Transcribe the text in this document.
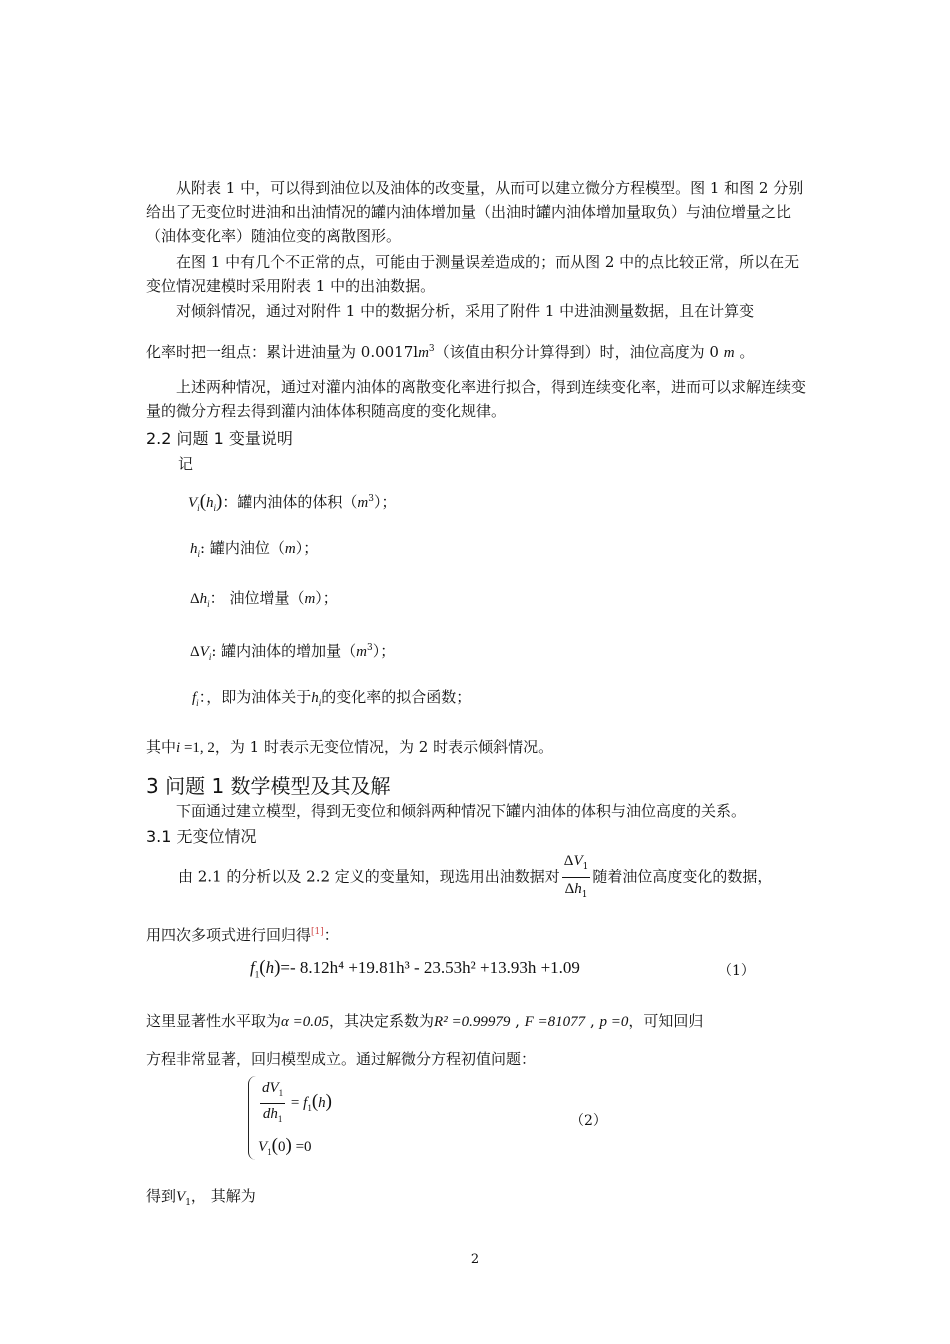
从附表 1 中，可以得到油位以及油体的改变量，从而可以建立微分方程模型。图 1 和图 2 分别给出了无变位时进油和出油情况的罐内油体增加量（出油时罐内油体增加量取负）与油位增量之比（油体变化率）随油位变的离散图形。

在图 1 中有几个不正常的点，可能由于测量误差造成的；而从图 2 中的点比较正常，所以在无变位情况建模时采用附表 1 中的出油数据。

对倾斜情况，通过对附件 1 中的数据分析，采用了附件 1 中进油测量数据，且在计算变

化率时把一组点：累计进油量为 $0.0017lm^3$（该值由积分计算得到）时，油位高度为 0 m 。

上述两种情况，通过对灌内油体的离散变化率进行拟合，得到连续变化率，进而可以求解连续变量的微分方程去得到灌内油体体积随高度的变化规律。

2.2 问题 1 变量说明

记

$V_i(h_i)$：罐内油体的体积$(m^3)$；

$h_i$: 罐内油位（m）；

$\Delta h_i$： 油位增量（m）；

$\Delta V_i$: 罐内油体的增加量$(m^3)$；

$f_i$：，即为油体关于$h_i$的变化率的拟合函数；

其中i =1, 2，为 1 时表示无变位情况，为 2 时表示倾斜情况。

3 问题 1 数学模型及其及解

下面通过建立模型，得到无变位和倾斜两种情况下罐内油体的体积与油位高度的关系。

3.1 无变位情况
由 2.1 的分析以及 2.2 定义的变量知，现选用出油数据对 $\frac{\Delta V_1}{\Delta h_1}$ 随着油位高度变化的数据，

用四次多项式进行回归得[1]：

$f_1(h)=-$ 8.12h⁴ +19.81h³ - 23.53h² +13.93h +1.09	（1）

这里显著性水平取为α =0.05，其决定系数为R² =0.99979 , F =81077 , p =0，可知回归

方程非常显著，回归模型成立。通过解微分方程初值问题：

$\frac{dV_1}{dh_1} = f_1(h)$
$V_1(0) =0$
（2）

得到$V_1$， 其解为

2
